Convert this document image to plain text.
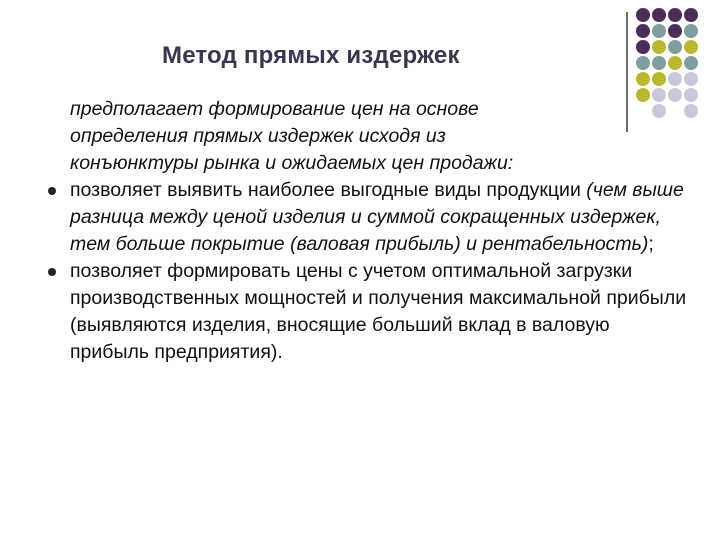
Метод прямых издержек
предполагает формирование цен на основе
определения прямых издержек исходя из
конъюнктуры рынка и ожидаемых цен продажи:
позволяет выявить наиболее выгодные виды продукции (чем выше разница между ценой изделия и суммой сокращенных издержек, тем больше покрытие (валовая прибыль) и рентабельность);
позволяет формировать цены с учетом оптимальной загрузки производственных мощностей и получения максимальной прибыли (выявляются изделия, вносящие больший вклад в валовую прибыль предприятия).
